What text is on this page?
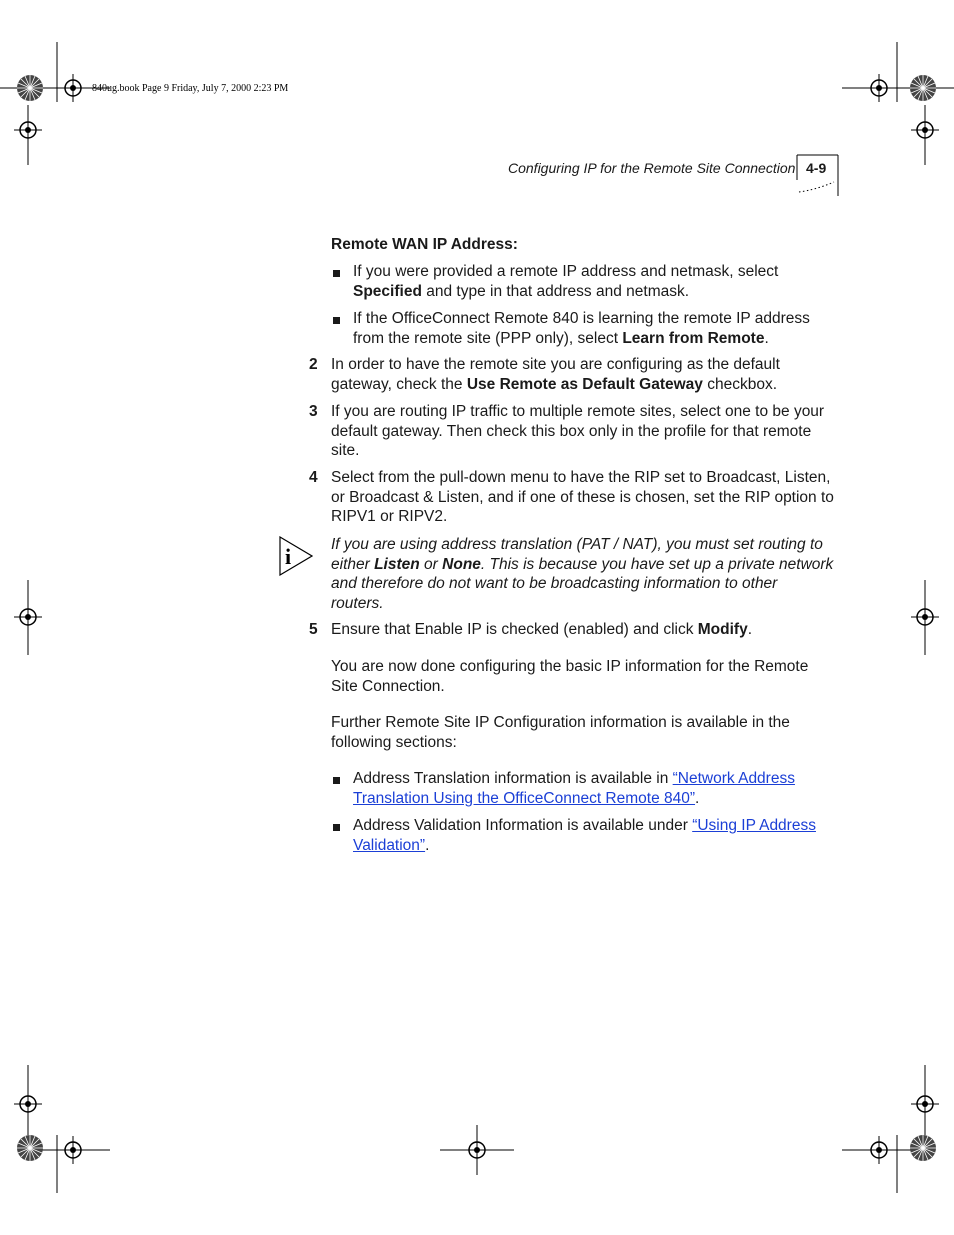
840ug.book Page 9 Friday, July 7, 2000 2:23 PM
Configuring IP for the Remote Site Connection 4-9
Remote WAN IP Address:
If you were provided a remote IP address and netmask, select
Specified and type in that address and netmask.
If the OfficeConnect Remote 840 is learning the remote IP address
from the remote site (PPP only), select Learn from Remote.
2 In order to have the remote site you are configuring as the default
gateway, check the Use Remote as Default Gateway checkbox.
3 If you are routing IP traffic to multiple remote sites, select one to be your
default gateway. Then check this box only in the profile for that remote
site.
4 Select from the pull-down menu to have the RIP set to Broadcast, Listen,
or Broadcast & Listen, and if one of these is chosen, set the RIP option to
RIPV1 or RIPV2.
i	If you are using address translation (PAT / NAT), you must set routing to
either Listen or None. This is because you have set up a private network
and therefore do not want to be broadcasting information to other
routers.
5 Ensure that Enable IP is checked (enabled) and click Modify.
You are now done configuring the basic IP information for the Remote
Site Connection.
Further Remote Site IP Configuration information is available in the
following sections:
Address Translation information is available in “Network Address
Translation Using the OfficeConnect Remote 840”.
Address Validation Information is available under “Using IP Address
Validation”.
